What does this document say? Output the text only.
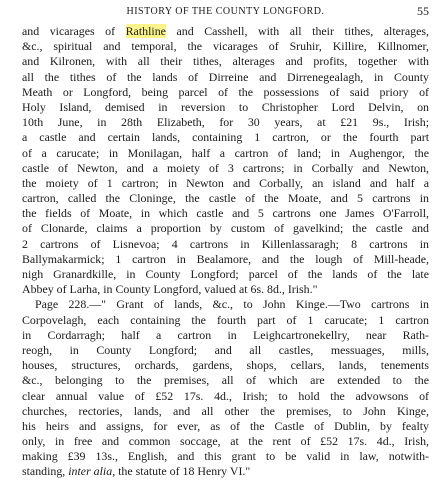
HISTORY OF THE COUNTY LONGFORD.	55
and vicarages of Rathline and Casshell, with all their tithes, alterages,
&c., spiritual and temporal, the vicarages of Sruhir, Killire, Killnomer,
and Kilronen, with all their tithes, alterages and profits, together with
all the tithes of the lands of Dirreine and Dirrenegealagh, in County
Meath or Longford, being parcel of the possessions of said priory of
Holy Island, demised in reversion to Christopher Lord Delvin, on
10th June, in 28th Elizabeth, for 30 years, at £21 9s., Irish;
a castle and certain lands, containing 1 cartron, or the fourth part
of a carucate; in Monilagan, half a cartron of land; in Aughengor, the
castle of Newton, and a moiety of 3 cartrons; in Corbally and Newton,
the moiety of 1 cartron; in Newton and Corbally, an island and half a
cartron, called the Cloninge, the castle of the Moate, and 5 cartrons in
the fields of Moate, in which castle and 5 cartrons one James O'Farroll,
of Clonarde, claims a proportion by custom of gavelkind; the castle and
2 cartrons of Lisnevoa; 4 cartrons in Killenlassaragh; 8 cartrons in
Ballymakarmick; 1 cartron in Bealamore, and the lough of Mill-heade,
nigh Granardkille, in County Longford; parcel of the lands of the late
Abbey of Larha, in County Longford, valued at 6s. 8d., Irish."
Page 228.—" Grant of lands, &c., to John Kinge.—Two cartrons in
Corpovelagh, each containing the fourth part of 1 carucate; 1 cartron
in Cordarragh; half a cartron in Leighcartronekellry, near Rath-
reogh, in County Longford; and all castles, messuages, mills,
houses, structures, orchards, gardens, shops, cellars, lands, tenements
&c., belonging to the premises, all of which are extended to the
clear annual value of £52 17s. 4d., Irish; to hold the advowsons of
churches, rectories, lands, and all other the premises, to John Kinge,
his heirs and assigns, for ever, as of the Castle of Dublin, by fealty
only, in free and common soccage, at the rent of £52 17s. 4d., Irish,
making £39 13s., English, and this grant to be valid in law, notwith-
standing, inter alia, the statute of 18 Henry VI."
